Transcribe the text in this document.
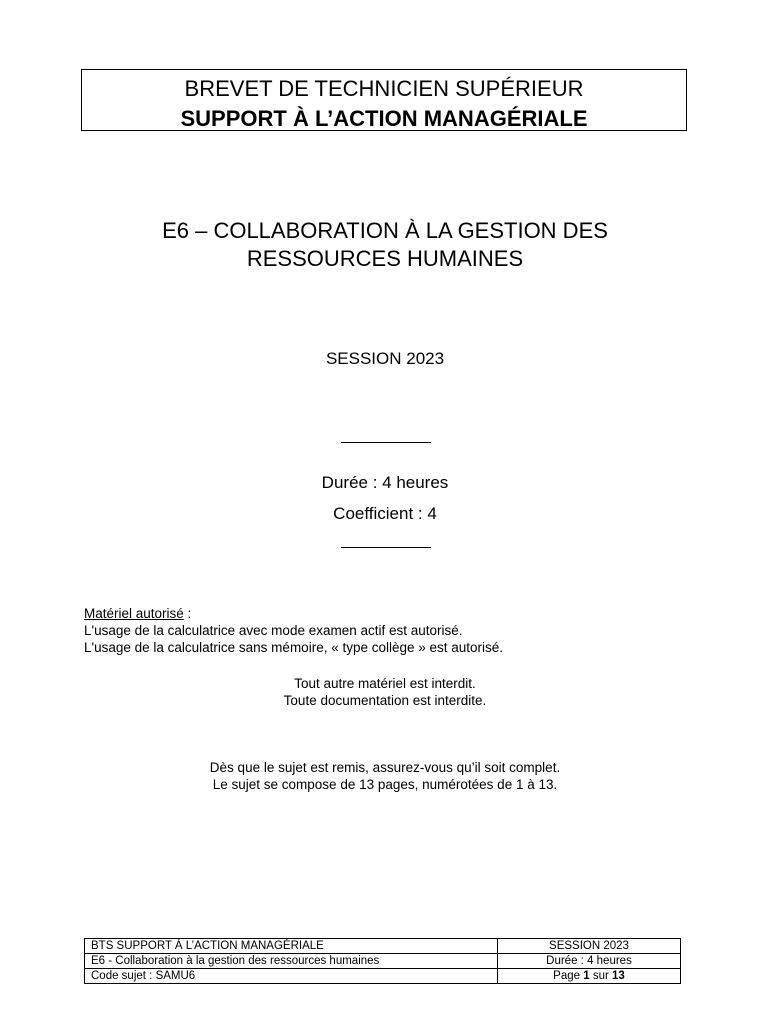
BREVET DE TECHNICIEN SUPÉRIEUR
SUPPORT À L’ACTION MANAGÉRIALE
E6 – COLLABORATION À LA GESTION DES
RESSOURCES HUMAINES
SESSION 2023
Durée : 4 heures
Coefficient : 4
Matériel autorisé :
L'usage de la calculatrice avec mode examen actif est autorisé.
L'usage de la calculatrice sans mémoire, « type collège » est autorisé.
Tout autre matériel est interdit.
Toute documentation est interdite.
Dès que le sujet est remis, assurez-vous qu’il soit complet.
Le sujet se compose de 13 pages, numérotées de 1 à 13.
BTS SUPPORT À L’ACTION MANAGÉRIALE	SESSION 2023
E6 - Collaboration à la gestion des ressources humaines	Durée : 4 heures
Code sujet : SAMU6	Page 1 sur 13
